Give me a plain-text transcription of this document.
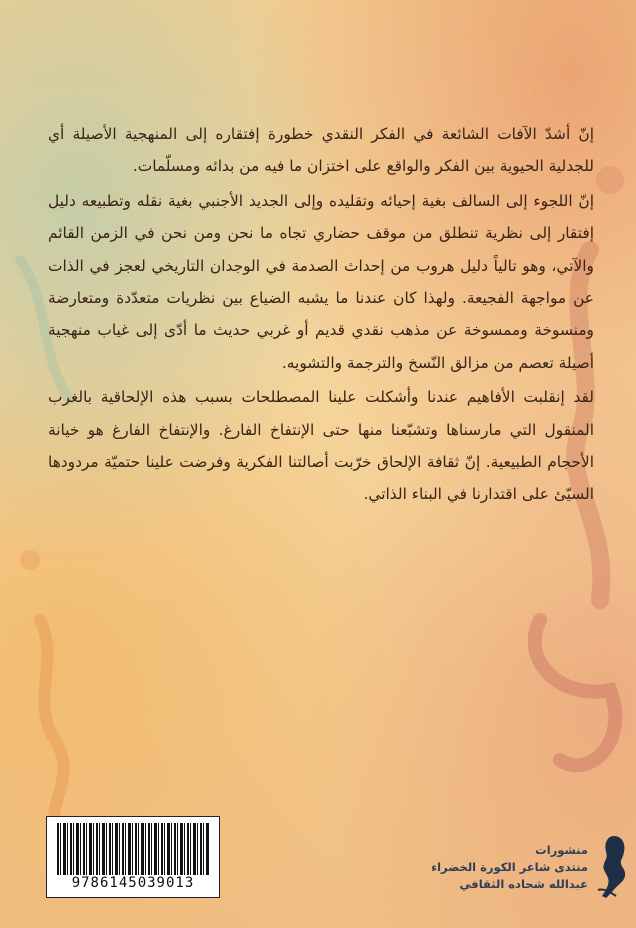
إنّ أشدّ الآفات الشائعة في الفكر النقدي خطورة إفتقاره إلى المنهجية الأصيلة أي للجدلية الحيوية بين الفكر والواقع على اختزان ما فيه من بدائه ومسلّمات.

إنّ اللجوء إلى السالف بغية إحيائه وتقليده وإلى الجديد الأجنبي بغية نقله وتطبيعه دليل إفتقار إلى نظرية تنطلق من موقف حضاري تجاه ما نحن ومن نحن في الزمن القائم والآتي، وهو تالياً دليل هروب من إحداث الصدمة في الوجدان التاريخي لعجز في الذات عن مواجهة الفجيعة. ولهذا كان عندنا ما يشبه الضياع بين نظريات متعدّدة ومتعارضة ومنسوخة وممسوخة عن مذهب نقدي قديم أو غربي حديث ما أدّى إلى غياب منهجية أصيلة تعصم من مزالق النّسخ والترجمة والتشويه.

لقد إنقلبت الأفاهيم عندنا وأشكلت علينا المصطلحات بسبب هذه الإلحاقية بالغرب المنقول التي مارسناها وتشبّعنا منها حتى الإنتفاخ الفارغ. والإنتفاخ الفارغ هو خيانة الأحجام الطبيعية. إنّ ثقافة الإلحاق خرّبت أصالتنا الفكرية وفرضت علينا حتميّة مردودها السيّئ على اقتدارنا في البناء الذاتي.

9786145039013
منشورات
منتدى شاعر الكورة الخضراء
عبدالله شحاده الثقافي
